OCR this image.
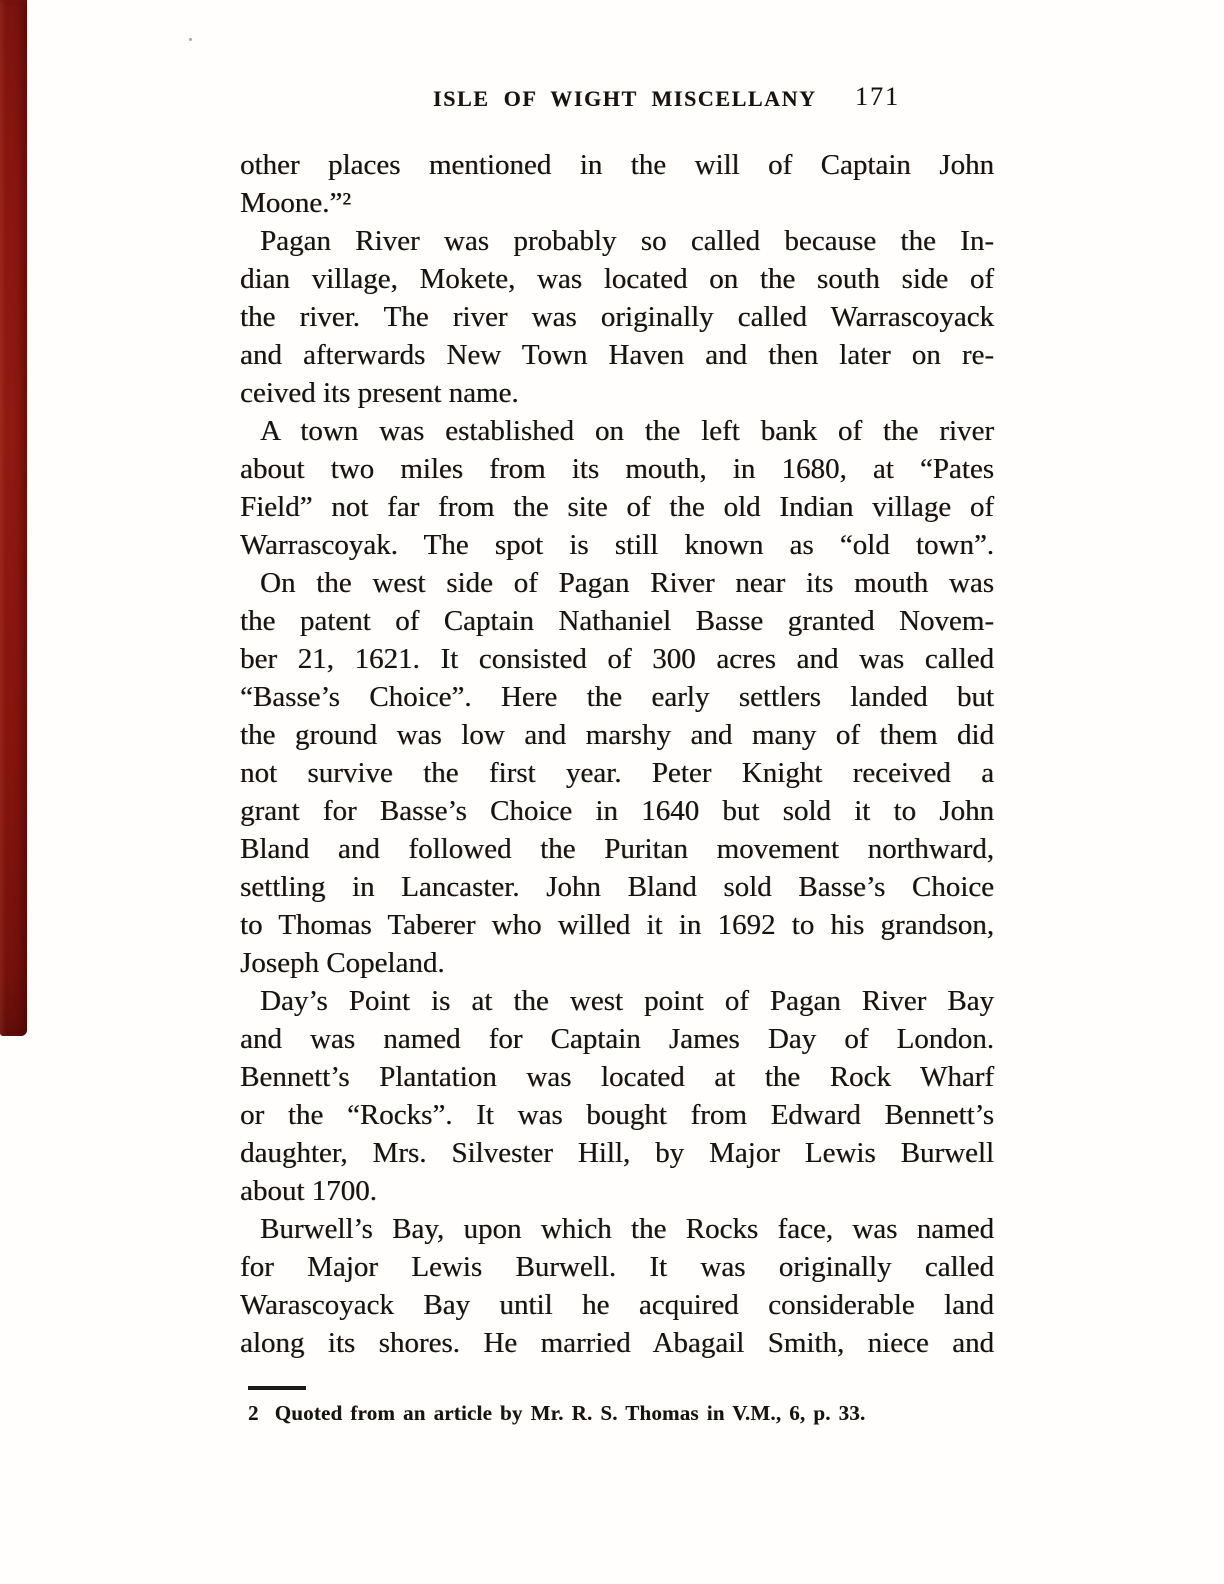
ISLE OF WIGHT MISCELLANY 171
other places mentioned in the will of Captain John
Moone.”²
Pagan River was probably so called because the In-
dian village, Mokete, was located on the south side of
the river. The river was originally called Warrascoyack
and afterwards New Town Haven and then later on re-
ceived its present name.
A town was established on the left bank of the river
about two miles from its mouth, in 1680, at “Pates
Field” not far from the site of the old Indian village of
Warrascoyak. The spot is still known as “old town”.
On the west side of Pagan River near its mouth was
the patent of Captain Nathaniel Basse granted Novem-
ber 21, 1621. It consisted of 300 acres and was called
“Basse’s Choice”. Here the early settlers landed but
the ground was low and marshy and many of them did
not survive the first year. Peter Knight received a
grant for Basse’s Choice in 1640 but sold it to John
Bland and followed the Puritan movement northward,
settling in Lancaster. John Bland sold Basse’s Choice
to Thomas Taberer who willed it in 1692 to his grandson,
Joseph Copeland.
Day’s Point is at the west point of Pagan River Bay
and was named for Captain James Day of London.
Bennett’s Plantation was located at the Rock Wharf
or the “Rocks”. It was bought from Edward Bennett’s
daughter, Mrs. Silvester Hill, by Major Lewis Burwell
about 1700.
Burwell’s Bay, upon which the Rocks face, was named
for Major Lewis Burwell. It was originally called
Warascoyack Bay until he acquired considerable land
along its shores. He married Abagail Smith, niece and
2 Quoted from an article by Mr. R. S. Thomas in V.M., 6, p. 33.
